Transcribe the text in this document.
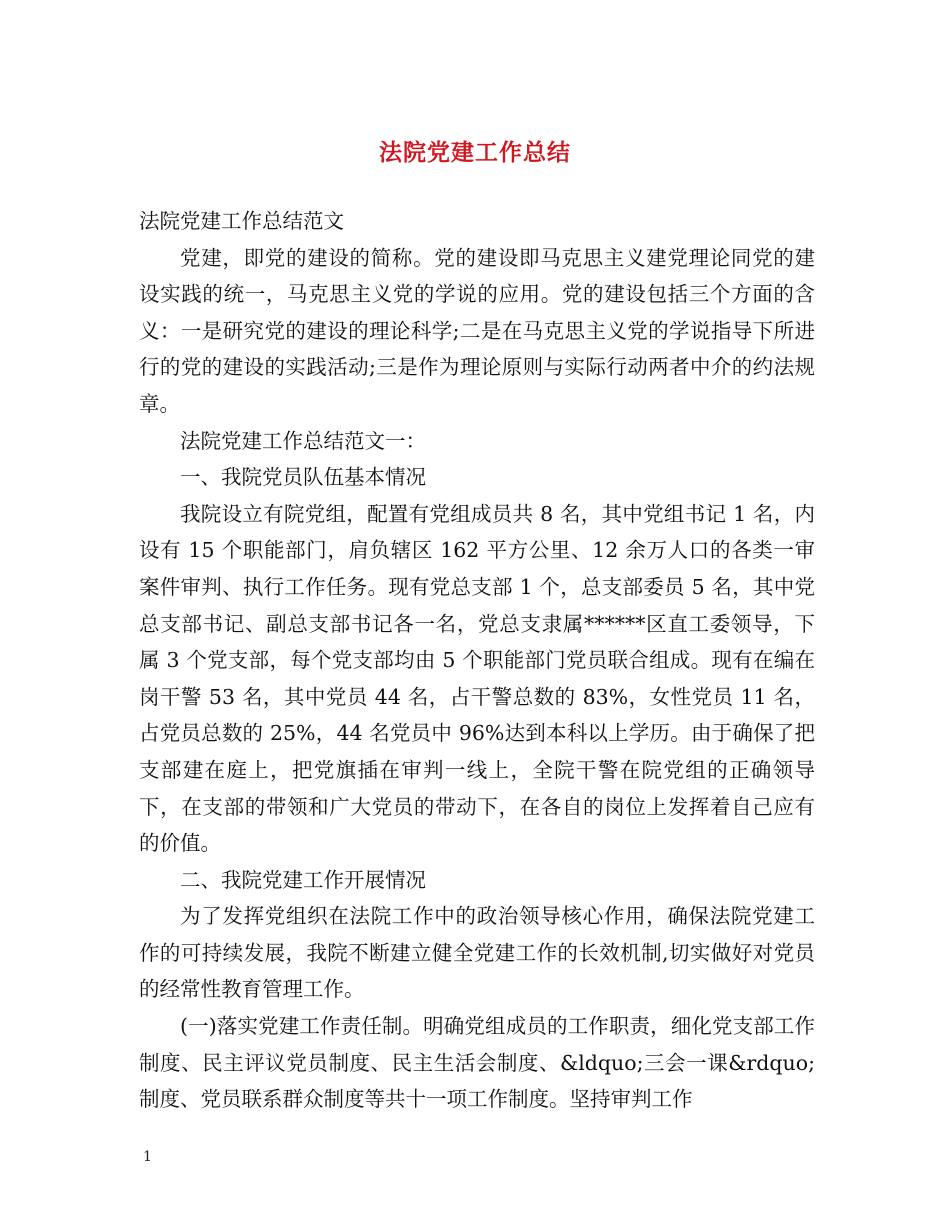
法院党建工作总结

法院党建工作总结范文

党建，即党的建设的简称。党的建设即马克思主义建党理论同党的建设实践的统一，马克思主义党的学说的应用。党的建设包括三个方面的含义：一是研究党的建设的理论科学;二是在马克思主义党的学说指导下所进行的党的建设的实践活动;三是作为理论原则与实际行动两者中介的约法规章。

法院党建工作总结范文一：

一、我院党员队伍基本情况

我院设立有院党组，配置有党组成员共 8 名，其中党组书记 1 名，内设有 15 个职能部门，肩负辖区 162 平方公里、12 余万人口的各类一审案件审判、执行工作任务。现有党总支部 1 个，总支部委员 5 名，其中党总支部书记、副总支部书记各一名，党总支隶属******区直工委领导，下属 3 个党支部，每个党支部均由 5 个职能部门党员联合组成。现有在编在岗干警 53 名，其中党员 44 名，占干警总数的 83%，女性党员 11 名，占党员总数的 25%，44 名党员中 96%达到本科以上学历。由于确保了把支部建在庭上，把党旗插在审判一线上，全院干警在院党组的正确领导下，在支部的带领和广大党员的带动下，在各自的岗位上发挥着自己应有的价值。

二、我院党建工作开展情况

为了发挥党组织在法院工作中的政治领导核心作用，确保法院党建工作的可持续发展，我院不断建立健全党建工作的长效机制,切实做好对党员的经常性教育管理工作。

(一)落实党建工作责任制。明确党组成员的工作职责，细化党支部工作制度、民主评议党员制度、民主生活会制度、&ldquo;三会一课&rdquo;制度、党员联系群众制度等共十一项工作制度。坚持审判工作

1
